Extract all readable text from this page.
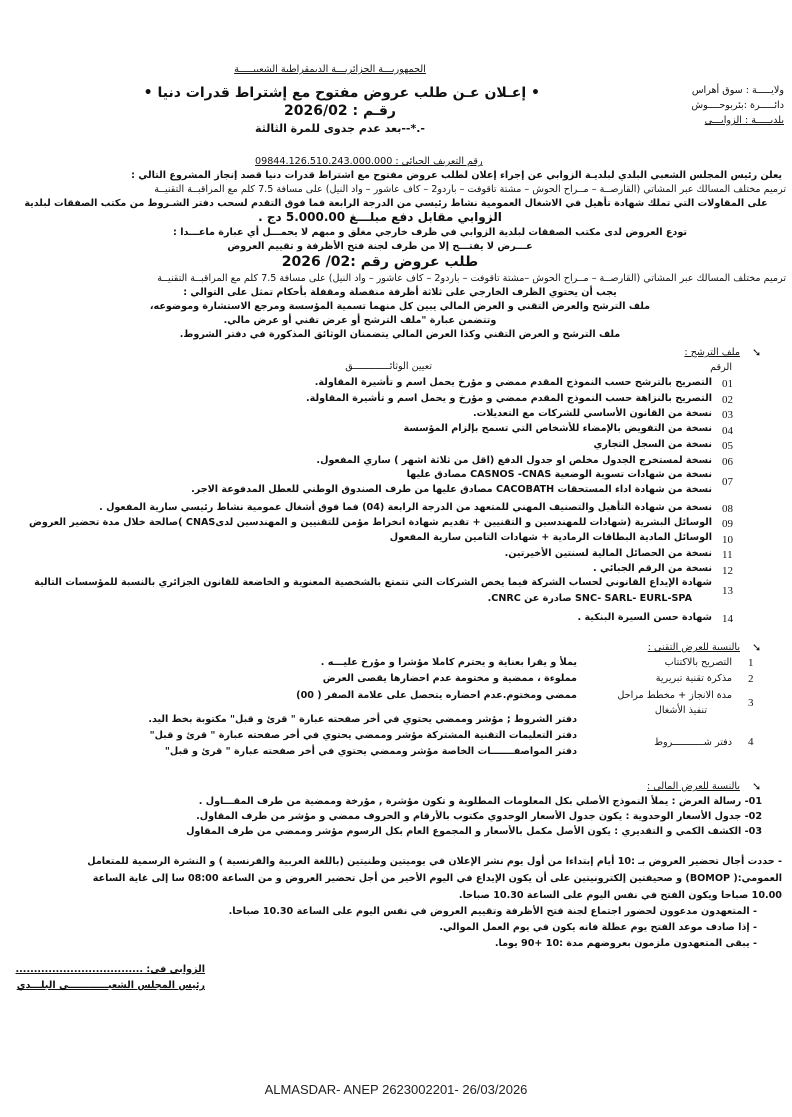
الجمهوريـــة الجزائريـــة الديمقراطية الشعبيـــــة
ولايـــــة : سوق أهراس
دائـــــرة :بئربوحــــوش
بلديـــــة : الزوابـــي
• إعـلان عـن طلب عروض مفتوح مع إشتراط قدرات دنيا •
رقـم : 2026/02
-.*--بعد عدم جدوى للمرة الثالثة
رقم التعريف الجبائي : 09844.126.510.243.000.000
يعلن رئيس المجلس الشعبي البلدي لبلديـة الزوابي عن إجراء إعلان لطلب عروض مفتوح مع اشتراط قدرات دنيا قصد إنجاز المشروع التالي :
ترميم مختلف المسالك عبر المشاتي (القارصــة – مــراح الحوش – مشتة تاقوفت – باردو2 – كاف عاشور – واد النيل) على مسافة 7.5 كلم مع المراقبــة التقنيــة
على المقاولات التي تملك شهادة تأهيل في الاشغال العمومية نشاط رئيسي من الدرجة الرابعة فما فوق التقدم لسحب دفتر الشـروط من مكتب الصفقات لبلدية
الزوابي مقابل دفع مبلـــغ 5.000.00 دج .
تودع العروض لدى مكتب الصفقات لبلدية الزوابي في ظرف خارجي مغلق و مبهم لا يحمـــل أي عبارة ماعـــدا :
عـــرض لا يفتـــح إلا من طرف لجنة فتح الأظرفة و تقييم العروض
طلب عروض رقم :02/ 2026
ترميم مختلف المسالك عبر المشاتي (القارصــة – مــراح الحوش –مشتة تاقوفت – باردو2 – كاف عاشور – واد النيل) على مسافة 7.5 كلم مع المراقبــة التقنيــة
يجب أن يحتوي الظرف الخارجي على ثلاثة أظرفة منفصلة ومقفلة بأحكام تمثل على التوالي :
ملف الترشح والعرض التقني و العرض المالي يبين كل منهما تسمية المؤسسة ومرجع الاستشارة وموضوعه،
وتتضمن عبارة "ملف الترشح أو عرض تقني أو عرض مالي.
ملف الترشح و العرض التقني وكذا العرض المالي يتضمنان الوثائق المذكورة في دفتر الشروط.
➘
ملف الترشح :
الرقم
تعيين الوثائـــــــــــــق
01
التصريح بالترشح حسب النموذج المقدم ممضي و مؤرخ يحمل اسم و تأشيرة المقاولة.
02
التصريح بالنزاهة حسب النموذج المقدم ممضي و مؤرخ و يحمل اسم و تأشيرة المقاولة.
03
نسخة من القانون الأساسي للشركات مع التعديلات.
04
نسخة من التفويض بالإمضاء للأشخاص التي تسمح بإلزام المؤسسة
05
نسخة من السجل التجاري
06
نسخة لمستخرج الجدول مخلص او جدول الدفع (اقل من ثلاثة اشهر ) ساري المفعول.
07
نسخة من شهادات تسوية الوضعية CASNOS -CNAS مصادق عليها
نسخة من شهادة اداء المستحقات CACOBATH مصادق عليها من طرف الصندوق الوطني للعطل المدفوعة الاجر.
08
نسخة من شهادة التأهيل والتصنيف المهني للمتعهد من الدرجة الرابعة (04) فما فوق أشغال عمومية نشاط رئيسي سارية المفعول .
09
الوسائل البشرية (شهادات للمهندسين و التقنيين + تقديم شهادة انخراط مؤمن للتقنيين و المهندسين لدىCNAS )صالحة خلال مدة تحضير العروض
10
الوسائل المادية البطاقات الرمادية + شهادات التامين سارية المفعول
11
نسخة من الحصائل المالية لسنتين الأخيرتين.
12
نسخة من الرقم الجبائي .
13
شهادة الإيداع القانوني لحساب الشركة فيما يخص الشركات التي تتمتع بالشخصية المعنوية و الخاضعة للقانون الجزائري بالنسبة للمؤسسات التالية
SNC- SARL- EURL-SPA صادرة عن CNRC.
14
شهادة حسن السيرة البنكية .
➘
بالنسبة للعرض التقني :
1
التصريح بالاكتتاب
يملأ و يقرا بعناية و يحترم كاملا مؤشرا و مؤرخ عليـــه .
2
مذكرة تقنية تبريرية
مملوءة ، ممضية و مختومة عدم احضارها يقصى العرض
3
مدة الانجاز + مخطط مراحل
تنفيذ الأشغال
ممضي ومختوم.عدم احضاره يتحصل على علامة الصفر ( 00)
4
دفتر شـــــــــــروط
دفتر الشروط ; مؤشر وممضي يحتوي في أخر صفحته عبارة " قرئ و قبل" مكتوبة بخط اليد.
دفتر التعليمات التقنية المشتركة مؤشر وممضي يحتوي في أخر صفحته عبارة " قرئ و قبل"
دفتر المواصفـــــــات الخاصة مؤشر وممضي يحتوي في أخر صفحته عبارة " قرئ و قبل"
➘
بالنسبة للعرض المالي :
01- رسالة العرض : يملأ النموذج الأصلي بكل المعلومات المطلوبة و تكون مؤشرة , مؤرخة وممضية من طرف المقـــاول .
02- جدول الأسعار الوحدوية : يكون جدول الأسعار الوحدوي مكتوب بالأرقام و الحروف ممضي و مؤشر من طرف المقاول.
03- الكشف الكمي و التقديري : يكون الأصل مكمل بالأسعار و المجموع العام بكل الرسوم مؤشر وممضي من طرف المقاول
- حددت أجال تحضير العروض بـ :10 أيام إبتداءا من أول يوم نشر الإعلان في يوميتين وطنيتين (باللغة العربية والفرنسية ) و النشرة الرسمية للمتعامل
العمومي:( BOMOP) و صحيفتين إلكترونيتين على أن يكون الإيداع في اليوم الأخير من أجل تحضير العروض و من الساعة 08:00 سا إلى غاية الساعة
10.00 صباحا ويكون الفتح في نفس اليوم على الساعة 10.30 صباحا.
- المتعهدون مدعوون لحضور اجتماع لجنة فتح الأظرفة وتقييم العروض في نفس اليوم على الساعة 10.30 صباحا.
- إذا صادف موعد الفتح يوم عطلة فانه يكون في يوم العمل الموالي.
- يبقى المتعهدون ملزمون بعروضهم مدة :10 +90 يوما.
الزوابي في: ...................................
رئيس المجلس الشعبــــــــــــي البلـــدي
ALMASDAR- ANEP 2623002201- 26/03/2026
